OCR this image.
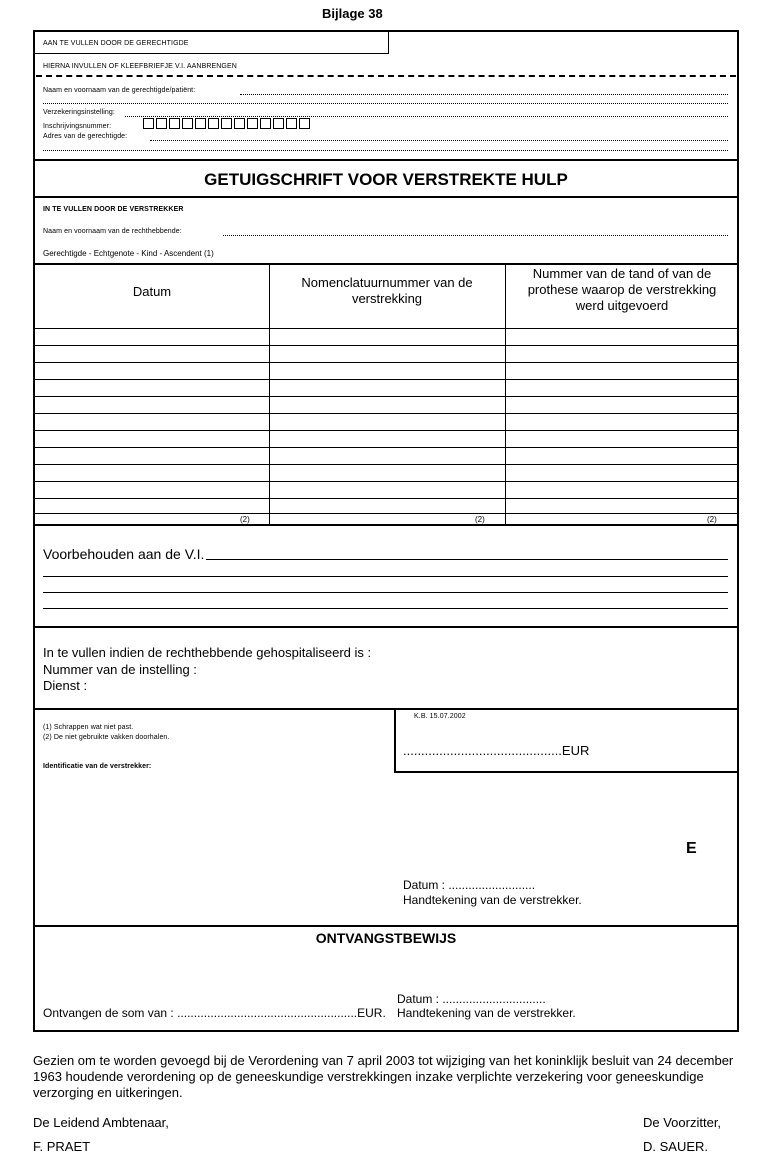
Bijlage 38
AAN TE VULLEN DOOR DE GERECHTIGDE
HIERNA INVULLEN OF KLEEFBRIEFJE V.I. AANBRENGEN
Naam en voornaam van de gerechtigde/patiënt:
Verzekeringsinstelling:
Inschrijvingsnummer:
Adres van de gerechtigde:
GETUIGSCHRIFT VOOR VERSTREKTE HULP
IN TE VULLEN DOOR DE VERSTREKKER
Naam en voornaam van de rechthebbende:
Gerechtigde - Echtgenote - Kind - Ascendent (1)
Datum
Nomenclatuurnummer van de verstrekking
Nummer van de tand of van de prothese waarop de verstrekking werd uitgevoerd
(2)	(2)	(2)
Voorbehouden aan de V.I.
In te vullen indien de rechthebbende gehospitaliseerd is :
Nummer van de instelling :
Dienst :
(1) Schrappen wat niet past.
(2) De niet gebruikte vakken doorhalen.
Identificatie van de verstrekker:
K.B. 15.07.2002
............................................EUR
E
Datum : ..........................
Handtekening van de verstrekker.
ONTVANGSTBEWIJS
Ontvangen de som van : ......................................................EUR.
Datum : ...............................
Handtekening van de verstrekker.
Gezien om te worden gevoegd bij de Verordening van 7 april 2003 tot wijziging van het koninklijk besluit van 24 december 1963 houdende verordening op de geneeskundige verstrekkingen inzake verplichte verzekering voor geneeskundige verzorging en uitkeringen.
De Leidend Ambtenaar,
F. PRAET
De Voorzitter,
D. SAUER.
